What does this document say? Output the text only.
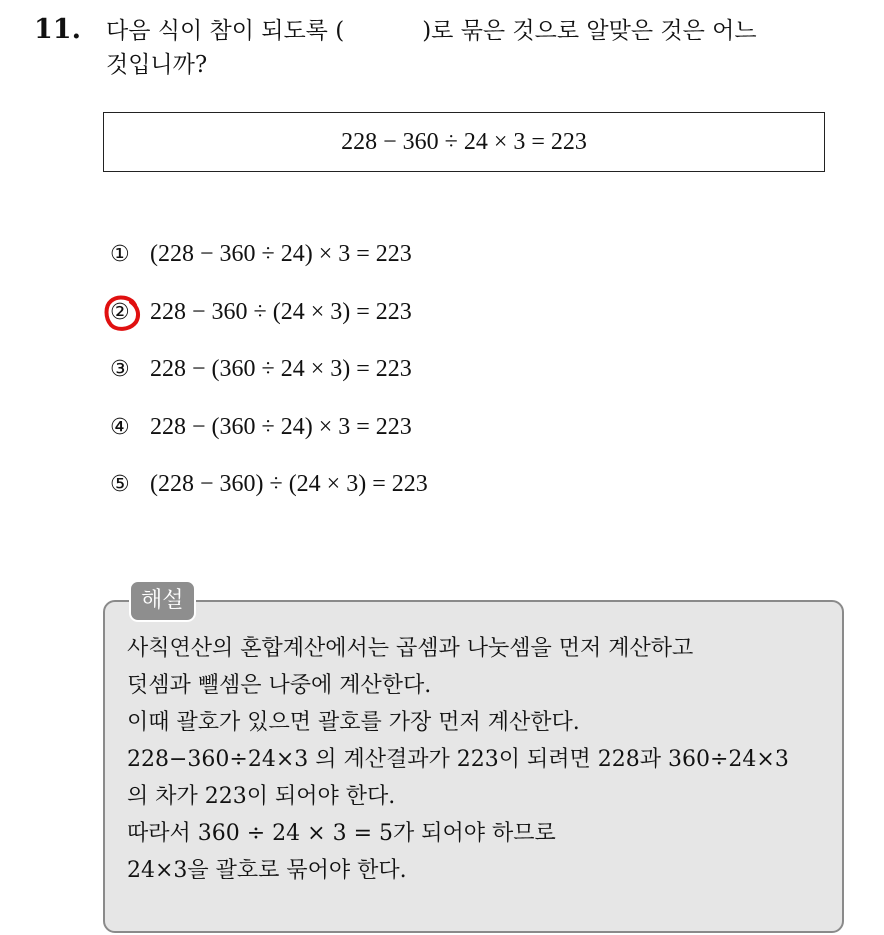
11. 다음 식이 참이 되도록 (	)로 묶은 것으로 알맞은 것은 어느
것입니까?
228 − 360 ÷ 24 × 3 = 223
① (228 − 360 ÷ 24) × 3 = 223
② 228 − 360 ÷ (24 × 3) = 223
③ 228 − (360 ÷ 24 × 3) = 223
④ 228 − (360 ÷ 24) × 3 = 223
⑤ (228 − 360) ÷ (24 × 3) = 223
해설
사칙연산의 혼합계산에서는 곱셈과 나눗셈을 먼저 계산하고
덧셈과 뺄셈은 나중에 계산한다.
이때 괄호가 있으면 괄호를 가장 먼저 계산한다.
228−360÷24×3 의 계산결과가 223이 되려면 228과 360÷24×3
의 차가 223이 되어야 한다.
따라서 360 ÷ 24 × 3 = 5가 되어야 하므로
24×3을 괄호로 묶어야 한다.
